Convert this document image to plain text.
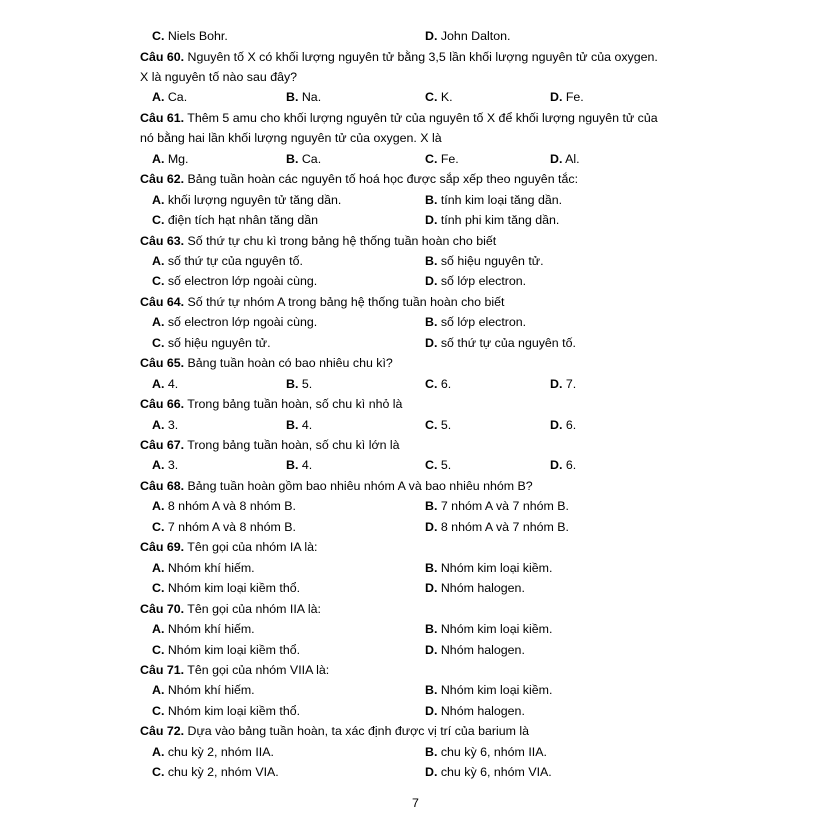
C. Niels Bohr.	D. John Dalton.
Câu 60. Nguyên tố X có khối lượng nguyên tử bằng 3,5 lần khối lượng nguyên tử của oxygen.
X là nguyên tố nào sau đây?
A. Ca.	B. Na.	C. K.	D. Fe.
Câu 61. Thêm 5 amu cho khối lượng nguyên tử của nguyên tố X để khối lượng nguyên tử của
nó bằng hai lần khối lượng nguyên tử của oxygen. X là
A. Mg.	B. Ca.	C. Fe.	D. Al.
Câu 62. Bảng tuần hoàn các nguyên tố hoá học được sắp xếp theo nguyên tắc:
A. khối lượng nguyên tử tăng dần.	B. tính kim loại tăng dần.
C. điện tích hạt nhân tăng dần	D. tính phi kim tăng dần.
Câu 63. Số thứ tự chu kì trong bảng hệ thống tuần hoàn cho biết
A. số thứ tự của nguyên tố.	B. số hiệu nguyên tử.
C. số electron lớp ngoài cùng.	D. số lớp electron.
Câu 64. Số thứ tự nhóm A trong bảng hệ thống tuần hoàn cho biết
A. số electron lớp ngoài cùng.	B. số lớp electron.
C. số hiệu nguyên tử.	D. số thứ tự của nguyên tố.
Câu 65. Bảng tuần hoàn có bao nhiêu chu kì?
A. 4.	B. 5.	C. 6.	D. 7.
Câu 66. Trong bảng tuần hoàn, số chu kì nhỏ là
A. 3.	B. 4.	C. 5.	D. 6.
Câu 67. Trong bảng tuần hoàn, số chu kì lớn là
A. 3.	B. 4.	C. 5.	D. 6.
Câu 68. Bảng tuần hoàn gồm bao nhiêu nhóm A và bao nhiêu nhóm B?
A. 8 nhóm A và 8 nhóm B.	B. 7 nhóm A và 7 nhóm B.
C. 7 nhóm A và 8 nhóm B.	D. 8 nhóm A và 7 nhóm B.
Câu 69. Tên gọi của nhóm IA là:
A. Nhóm khí hiếm.	B. Nhóm kim loại kiềm.
C. Nhóm kim loại kiềm thổ.	D. Nhóm halogen.
Câu 70. Tên gọi của nhóm IIA là:
A. Nhóm khí hiếm.	B. Nhóm kim loại kiềm.
C. Nhóm kim loại kiềm thổ.	D. Nhóm halogen.
Câu 71. Tên gọi của nhóm VIIA là:
A. Nhóm khí hiếm.	B. Nhóm kim loại kiềm.
C. Nhóm kim loại kiềm thổ.	D. Nhóm halogen.
Câu 72. Dựa vào bảng tuần hoàn, ta xác định được vị trí của barium là
A. chu kỳ 2, nhóm IIA.	B. chu kỳ 6, nhóm IIA.
C. chu kỳ 2, nhóm VIA.	D. chu kỳ 6, nhóm VIA.
7
